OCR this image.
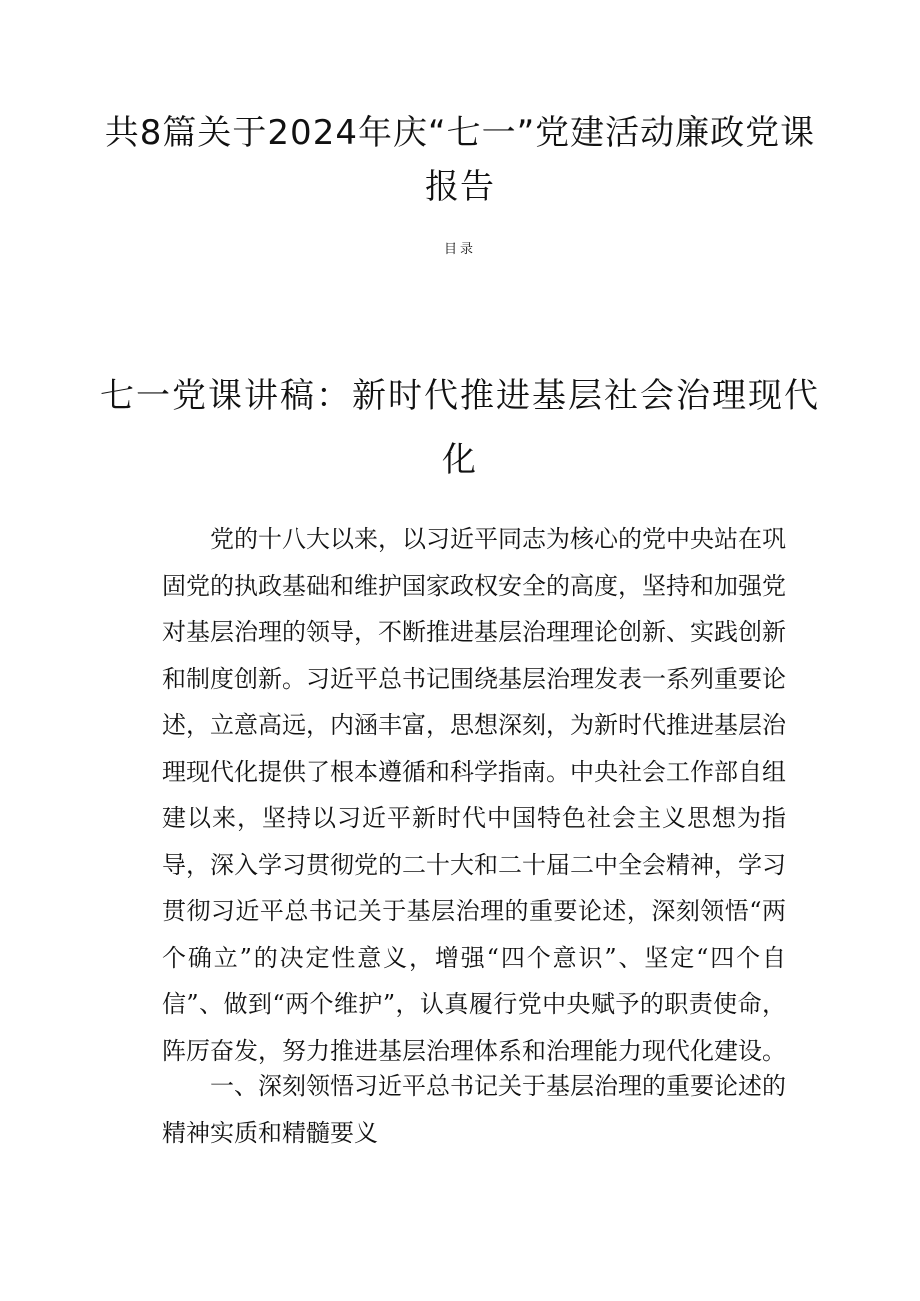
共8篇关于2024年庆“七一”党建活动廉政党课报告
目录
七一党课讲稿：新时代推进基层社会治理现代化

党的十八大以来，以习近平同志为核心的党中央站在巩固党的执政基础和维护国家政权安全的高度，坚持和加强党对基层治理的领导，不断推进基层治理理论创新、实践创新和制度创新。习近平总书记围绕基层治理发表一系列重要论述，立意高远，内涵丰富，思想深刻，为新时代推进基层治理现代化提供了根本遵循和科学指南。中央社会工作部自组建以来，坚持以习近平新时代中国特色社会主义思想为指导，深入学习贯彻党的二十大和二十届二中全会精神，学习贯彻习近平总书记关于基层治理的重要论述，深刻领悟“两个确立”的决定性意义，增强“四个意识”、坚定“四个自信”、做到“两个维护”，认真履行党中央赋予的职责使命，阵厉奋发，努力推进基层治理体系和治理能力现代化建设。

一、深刻领悟习近平总书记关于基层治理的重要论述的精神实质和精髓要义
